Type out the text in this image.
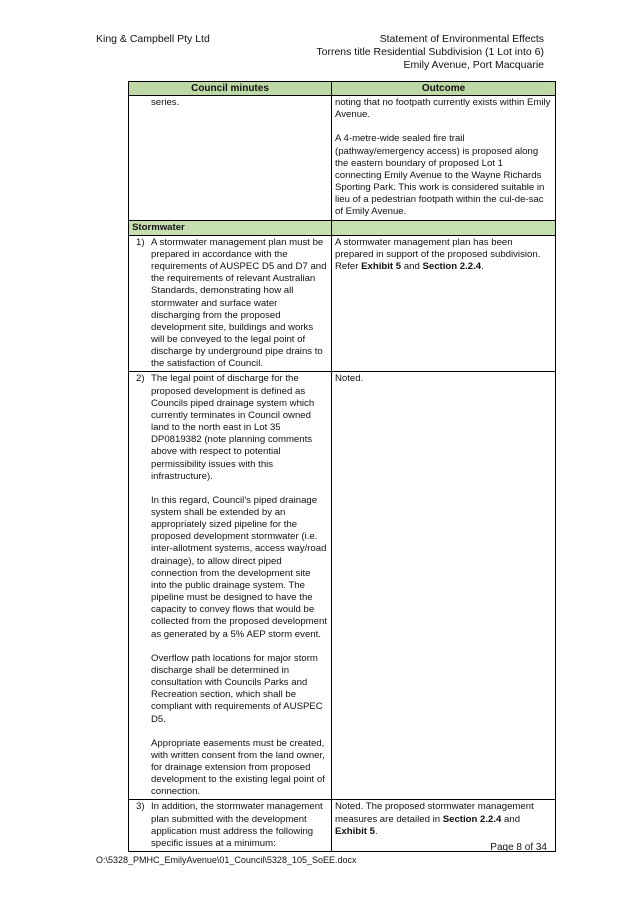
King & Campbell Pty Ltd	Statement of Environmental Effects
Torrens title Residential Subdivision (1 Lot into 6)
Emily Avenue, Port Macquarie
Council minutes	Outcome

series.	noting that no footpath currently exists within Emily Avenue.

A 4-metre-wide sealed fire trail (pathway/emergency access) is proposed along the eastern boundary of proposed Lot 1 connecting Emily Avenue to the Wayne Richards Sporting Park. This work is considered suitable in lieu of a pedestrian footpath within the cul-de-sac of Emily Avenue.

Stormwater	

1) A stormwater management plan must be prepared in accordance with the requirements of AUSPEC D5 and D7 and the requirements of relevant Australian Standards, demonstrating how all stormwater and surface water discharging from the proposed development site, buildings and works will be conveyed to the legal point of discharge by underground pipe drains to the satisfaction of Council.	A stormwater management plan has been prepared in support of the proposed subdivision. Refer Exhibit 5 and Section 2.2.4.

2) The legal point of discharge for the proposed development is defined as Councils piped drainage system which currently terminates in Council owned land to the north east in Lot 35 DP0819382 (note planning comments above with respect to potential permissibility issues with this infrastructure).

In this regard, Council's piped drainage system shall be extended by an appropriately sized pipeline for the proposed development stormwater (i.e. inter-allotment systems, access way/road drainage), to allow direct piped connection from the development site into the public drainage system. The pipeline must be designed to have the capacity to convey flows that would be collected from the proposed development as generated by a 5% AEP storm event.

Overflow path locations for major storm discharge shall be determined in consultation with Councils Parks and Recreation section, which shall be compliant with requirements of AUSPEC D5.

Appropriate easements must be created, with written consent from the land owner, for drainage extension from proposed development to the existing legal point of connection.	Noted.

3) In addition, the stormwater management plan submitted with the development application must address the following specific issues at a minimum:	Noted. The proposed stormwater management measures are detailed in Section 2.2.4 and Exhibit 5.

Page 8 of 34
O:\5328_PMHC_EmilyAvenue\01_Council\5328_105_SoEE.docx
